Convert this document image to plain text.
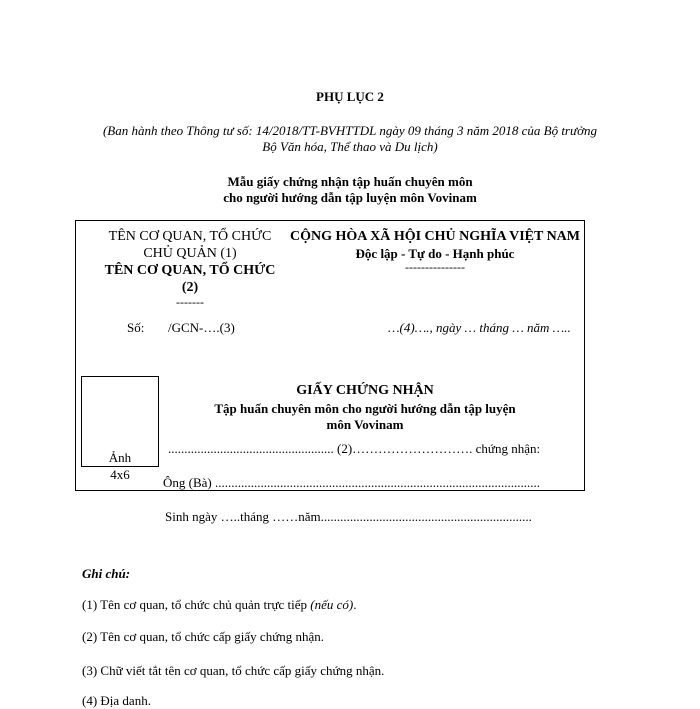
PHỤ LỤC 2
(Ban hành theo Thông tư số: 14/2018/TT-BVHTTDL ngày 09 tháng 3 năm 2018 của Bộ trưởng
Bộ Văn hóa, Thể thao và Du lịch)
Mẫu giấy chứng nhận tập huấn chuyên môn
cho người hướng dẫn tập luyện môn Vovinam
TÊN CƠ QUAN, TỔ CHỨC
CHỦ QUẢN (1)
TÊN CƠ QUAN, TỔ CHỨC
(2)
-------
CỘNG HÒA XÃ HỘI CHỦ NGHĨA VIỆT NAM
Độc lập - Tự do - Hạnh phúc
---------------
Số: /GCN-….(3)	…(4)…., ngày … tháng … năm …..
Ảnh
4x6
GIẤY CHỨNG NHẬN
Tập huấn chuyên môn cho người hướng dẫn tập luyện
môn Vovinam
................................................... (2)………………………. chứng nhận:
Ông (Bà) ....................................................................................................
Sinh ngày …..tháng ……năm.................................................................
Ghi chú:
(1) Tên cơ quan, tổ chức chủ quản trực tiếp (nếu có).
(2) Tên cơ quan, tổ chức cấp giấy chứng nhận.
(3) Chữ viết tắt tên cơ quan, tổ chức cấp giấy chứng nhận.
(4) Địa danh.
